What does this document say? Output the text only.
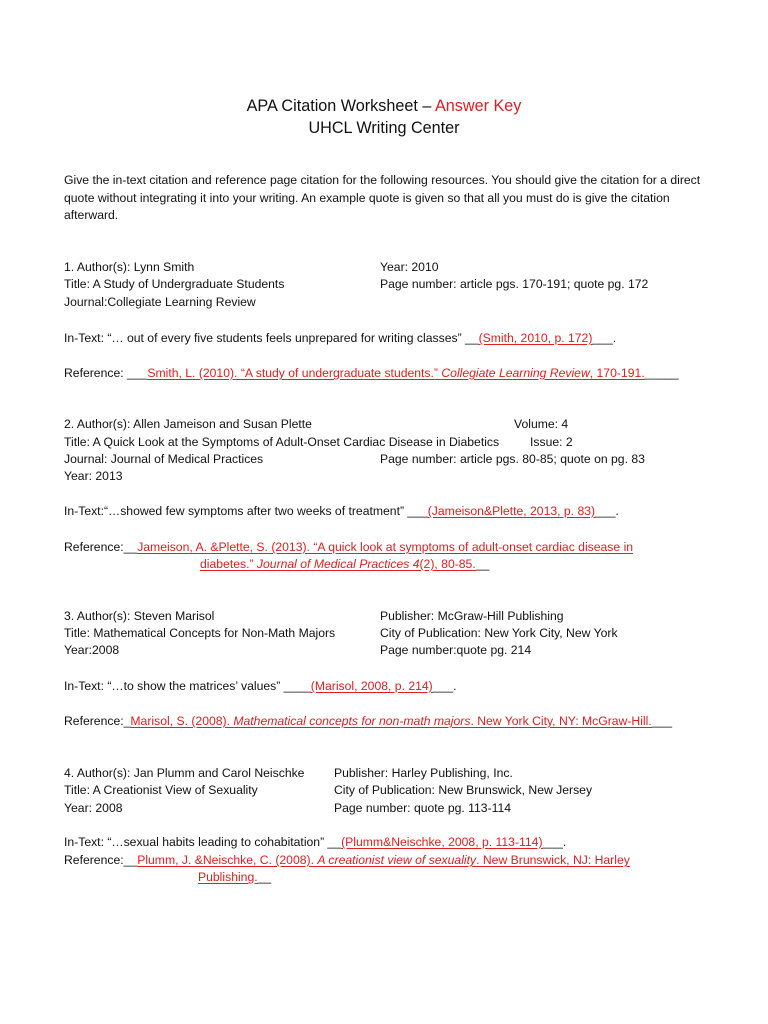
APA Citation Worksheet – Answer Key
UHCL Writing Center
Give the in-text citation and reference page citation for the following resources. You should give the citation for a direct quote without integrating it into your writing. An example quote is given so that all you must do is give the citation afterward.
1. Author(s): Lynn Smith	Year: 2010
Title: A Study of Undergraduate Students	Page number: article pgs. 170-191; quote pg. 172
Journal:Collegiate Learning Review
In-Text: “… out of every five students feels unprepared for writing classes” __(Smith, 2010, p. 172)___.
Reference: ___Smith, L. (2010). “A study of undergraduate students.” Collegiate Learning Review, 170-191._____
2. Author(s): Allen Jameison and Susan Plette	Volume: 4
Title: A Quick Look at the Symptoms of Adult-Onset Cardiac Disease in Diabetics	Issue: 2
Journal: Journal of Medical Practices	Page number: article pgs. 80-85; quote on pg. 83
Year: 2013
In-Text:“…showed few symptoms after two weeks of treatment” ___(Jameison&Plette, 2013, p. 83)___.
Reference:__Jameison, A. &Plette, S. (2013). “A quick look at symptoms of adult-onset cardiac disease in
diabetes.” Journal of Medical Practices 4(2), 80-85.__
3. Author(s): Steven Marisol	Publisher: McGraw-Hill Publishing
Title: Mathematical Concepts for Non-Math Majors	City of Publication: New York City, New York
Year:2008	Page number:quote pg. 214
In-Text: “…to show the matrices’ values” ____(Marisol, 2008, p. 214)___.
Reference:_Marisol, S. (2008). Mathematical concepts for non-math majors. New York City, NY: McGraw-Hill.___
4. Author(s): Jan Plumm and Carol Neischke Publisher: Harley Publishing, Inc.
Title: A Creationist View of Sexuality	City of Publication: New Brunswick, New Jersey
Year: 2008	Page number: quote pg. 113-114
In-Text: “…sexual habits leading to cohabitation” __(Plumm&Neischke, 2008, p. 113-114)___.
Reference:__Plumm, J. &Neischke, C. (2008). A creationist view of sexuality. New Brunswick, NJ: Harley
Publishing.__
